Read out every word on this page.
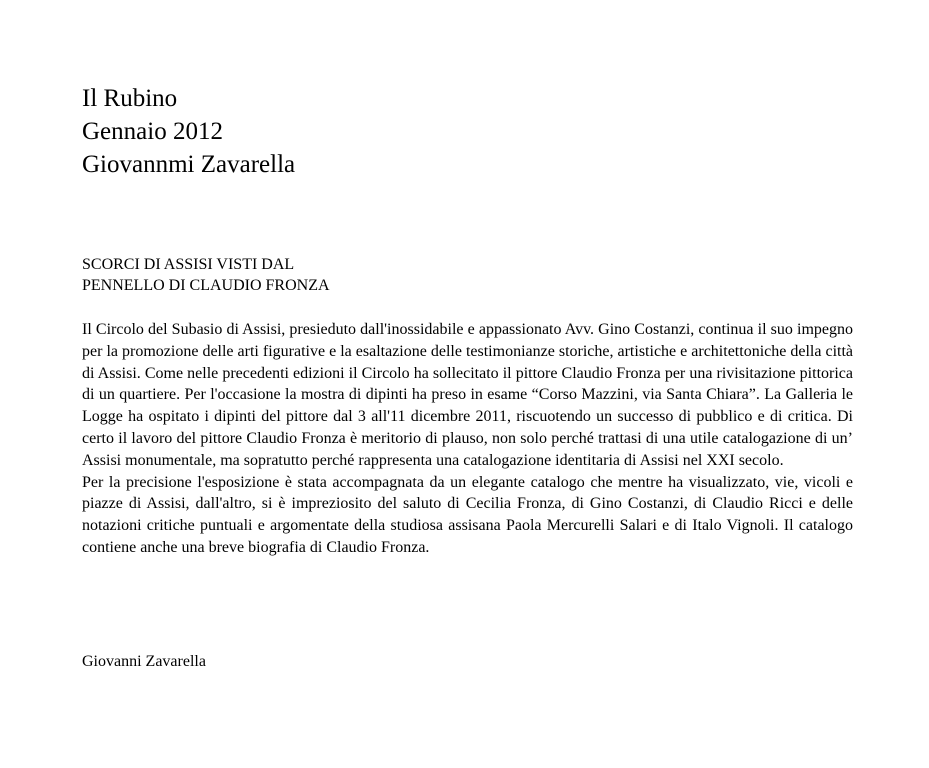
Il Rubino
Gennaio 2012
Giovannmi Zavarella
SCORCI DI ASSISI VISTI DAL
PENNELLO DI CLAUDIO FRONZA

Il Circolo del Subasio di Assisi, presieduto dall'inossidabile e appassionato Avv. Gino Costanzi, continua il suo impegno per la promozione delle arti figurative e la esaltazione delle testimonianze storiche, artistiche e architettoniche della città di Assisi. Come nelle precedenti edizioni il Circolo ha sollecitato il pittore Claudio Fronza per una rivisitazione pittorica di un quartiere. Per l'occasione la mostra di dipinti ha preso in esame “Corso Mazzini, via Santa Chiara”. La Galleria le Logge ha ospitato i dipinti del pittore dal 3 all'11 dicembre 2011, riscuotendo un successo di pubblico e di critica. Di certo il lavoro del pittore Claudio Fronza è meritorio di plauso, non solo perché trattasi di una utile catalogazione di un’ Assisi monumentale, ma sopratutto perché rappresenta una catalogazione identitaria di Assisi nel XXI secolo.

Per la precisione l'esposizione è stata accompagnata da un elegante catalogo che mentre ha visualizzato, vie, vicoli e piazze di Assisi, dall'altro, si è impreziosito del saluto di Cecilia Fronza, di Gino Costanzi, di Claudio Ricci e delle notazioni critiche puntuali e argomentate della studiosa assisana Paola Mercurelli Salari e di Italo Vignoli. Il catalogo contiene anche una breve biografia di Claudio Fronza.

Giovanni Zavarella
